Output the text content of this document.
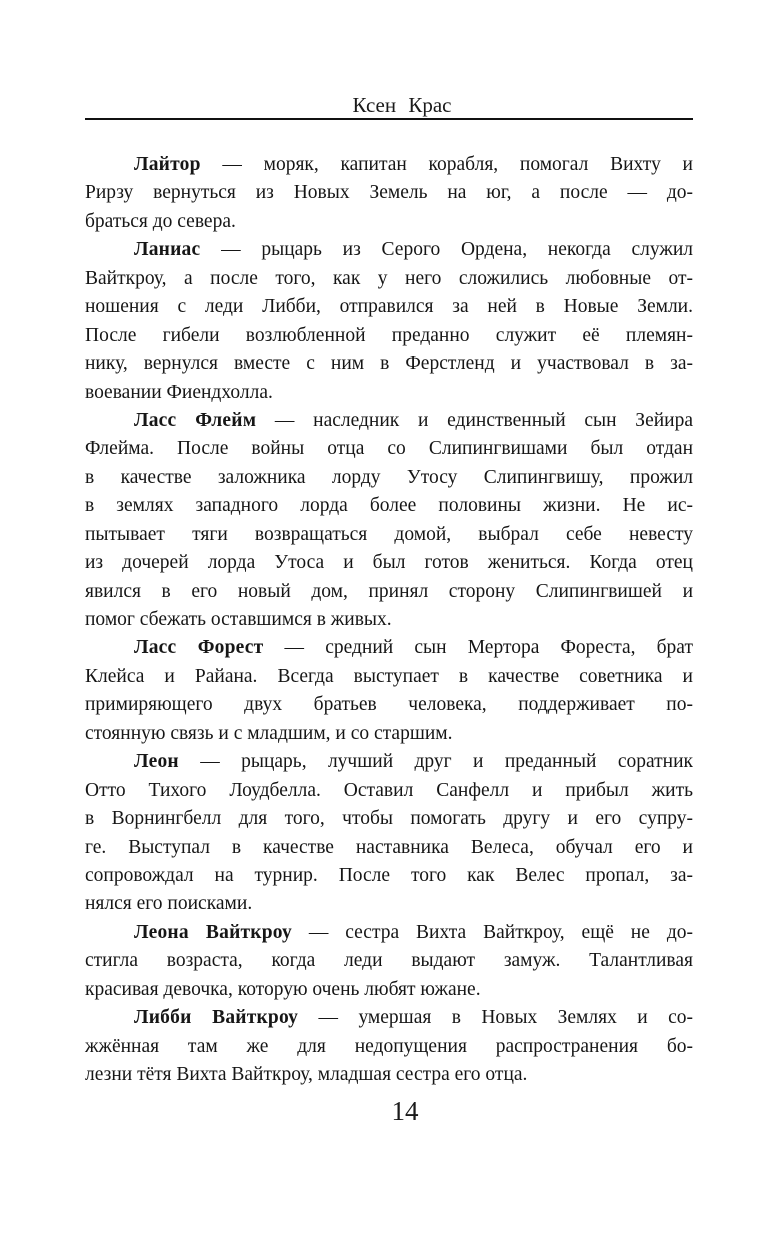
Ксен Крас
Лайтор — моряк, капитан корабля, помогал Вихту и
Рирзу вернуться из Новых Земель на юг, а после — до-
браться до севера.
Ланиас — рыцарь из Серого Ордена, некогда служил
Вайткроу, а после того, как у него сложились любовные от-
ношения с леди Либби, отправился за ней в Новые Земли.
После гибели возлюбленной преданно служит её племян-
нику, вернулся вместе с ним в Ферстленд и участвовал в за-
воевании Фиендхолла.
Ласс Флейм — наследник и единственный сын Зейира
Флейма. После войны отца со Слипингвишами был отдан
в качестве заложника лорду Утосу Слипингвишу, прожил
в землях западного лорда более половины жизни. Не ис-
пытывает тяги возвращаться домой, выбрал себе невесту
из дочерей лорда Утоса и был готов жениться. Когда отец
явился в его новый дом, принял сторону Слипингвишей и
помог сбежать оставшимся в живых.
Ласс Форест — средний сын Мертора Фореста, брат
Клейса и Райана. Всегда выступает в качестве советника и
примиряющего двух братьев человека, поддерживает по-
стоянную связь и с младшим, и со старшим.
Леон — рыцарь, лучший друг и преданный соратник
Отто Тихого Лоудбелла. Оставил Санфелл и прибыл жить
в Ворнингбелл для того, чтобы помогать другу и его супру-
ге. Выступал в качестве наставника Велеса, обучал его и
сопровождал на турнир. После того как Велес пропал, за-
нялся его поисками.
Леона Вайткроу — сестра Вихта Вайткроу, ещё не до-
стигла возраста, когда леди выдают замуж. Талантливая
красивая девочка, которую очень любят южане.
Либби Вайткроу — умершая в Новых Землях и со-
жжённая там же для недопущения распространения бо-
лезни тётя Вихта Вайткроу, младшая сестра его отца.
14
